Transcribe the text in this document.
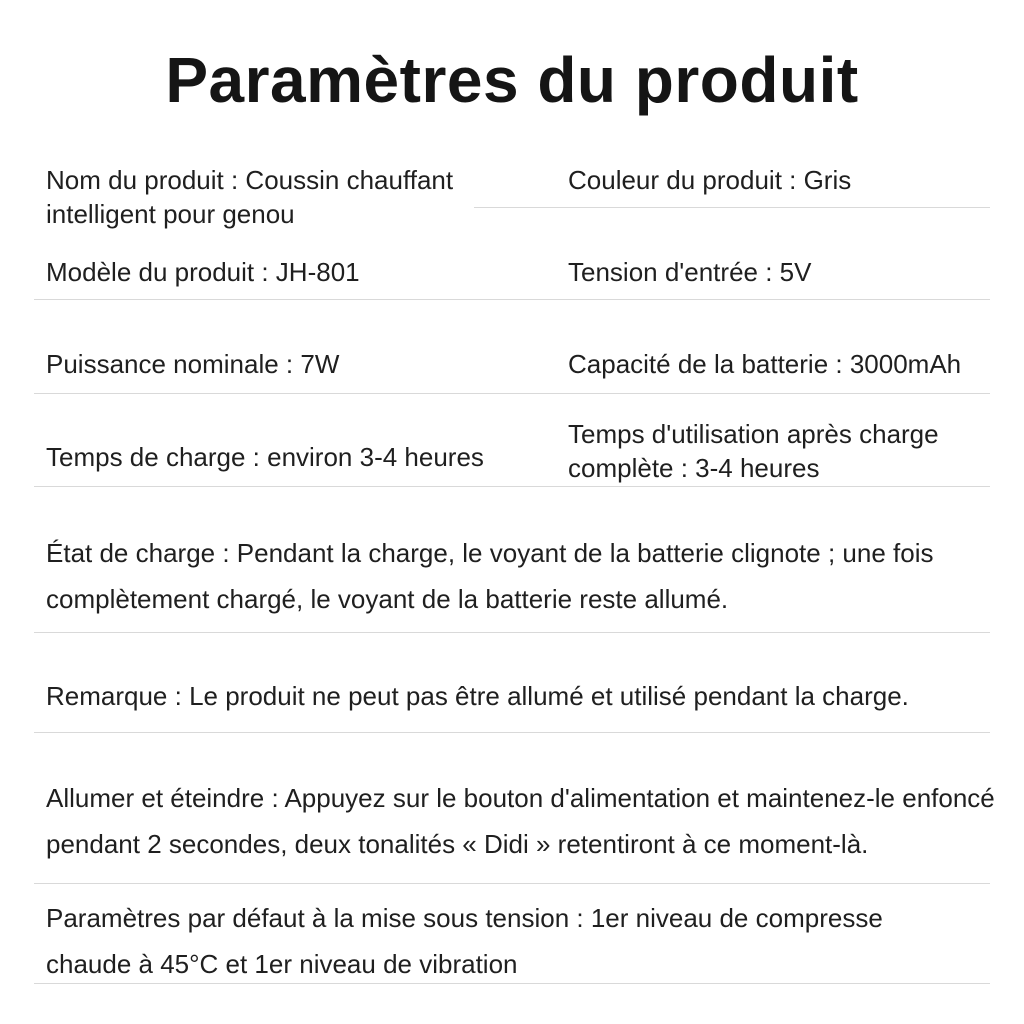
Paramètres du produit
Nom du produit : Coussin chauffant intelligent pour genou
Couleur du produit : Gris
Modèle du produit : JH-801	Tension d'entrée : 5V
Puissance nominale : 7W	Capacité de la batterie : 3000mAh
Temps de charge : environ 3-4 heures
Temps d'utilisation après charge complète : 3-4 heures
État de charge : Pendant la charge, le voyant de la batterie clignote ; une fois complètement chargé, le voyant de la batterie reste allumé.
Remarque : Le produit ne peut pas être allumé et utilisé pendant la charge.
Allumer et éteindre : Appuyez sur le bouton d'alimentation et maintenez-le enfoncé pendant 2 secondes, deux tonalités « Didi » retentiront à ce moment-là.
Paramètres par défaut à la mise sous tension : 1er niveau de compresse chaude à 45°C et 1er niveau de vibration
